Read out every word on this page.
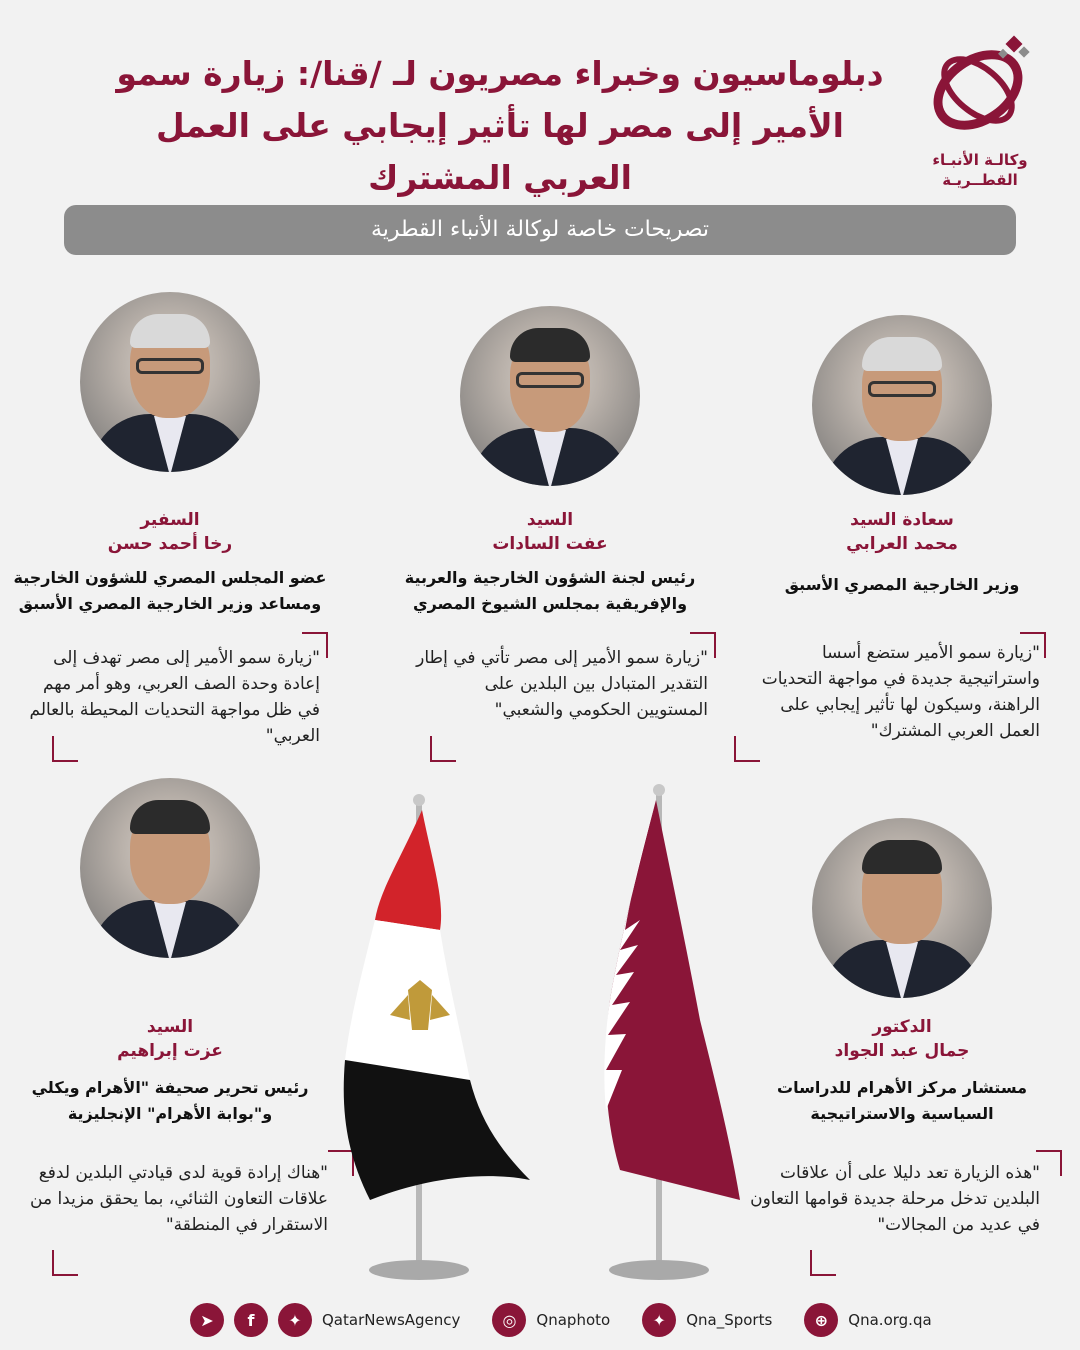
دبلوماسيون وخبراء مصريون لـ /قنا/: زيارة سمو الأمير إلى مصر لها تأثير إيجابي على العمل العربي المشترك	وكالـة الأنبـاء
القطــريـة
تصريحات خاصة لوكالة الأنباء القطرية
سعادة السيد
محمد العرابي
وزير الخارجية المصري الأسبق
"زيارة سمو الأمير ستضع أسسا واستراتيجية جديدة في مواجهة التحديات الراهنة، وسيكون لها تأثير إيجابي على العمل العربي المشترك"
السيد
عفت السادات
رئيس لجنة الشؤون الخارجية والعربية والإفريقية بمجلس الشيوخ المصري
"زيارة سمو الأمير إلى مصر تأتي في إطار التقدير المتبادل بين البلدين على المستويين الحكومي والشعبي"
السفير
رخا أحمد حسن
عضو المجلس المصري للشؤون الخارجية ومساعد وزير الخارجية المصري الأسبق
"زيارة سمو الأمير إلى مصر تهدف إلى إعادة وحدة الصف العربي، وهو أمر مهم في ظل مواجهة التحديات المحيطة بالعالم العربي"
الدكتور
جمال عبد الجواد
مستشار مركز الأهرام للدراسات السياسية والاستراتيجية
"هذه الزيارة تعد دليلا على أن علاقات البلدين تدخل مرحلة جديدة قوامها التعاون في عديد من المجالات"
السيد
عزت إبراهيم
رئيس تحرير صحيفة "الأهرام ويكلي و"بوابة الأهرام" الإنجليزية
"هناك إرادة قوية لدى قيادتي البلدين لدفع علاقات التعاون الثنائي، بما يحقق مزيدا من الاستقرار في المنطقة"
➤	f	✦	QatarNewsAgency	◎	Qnaphoto	✦	Qna_Sports	⊕	Qna.org.qa
